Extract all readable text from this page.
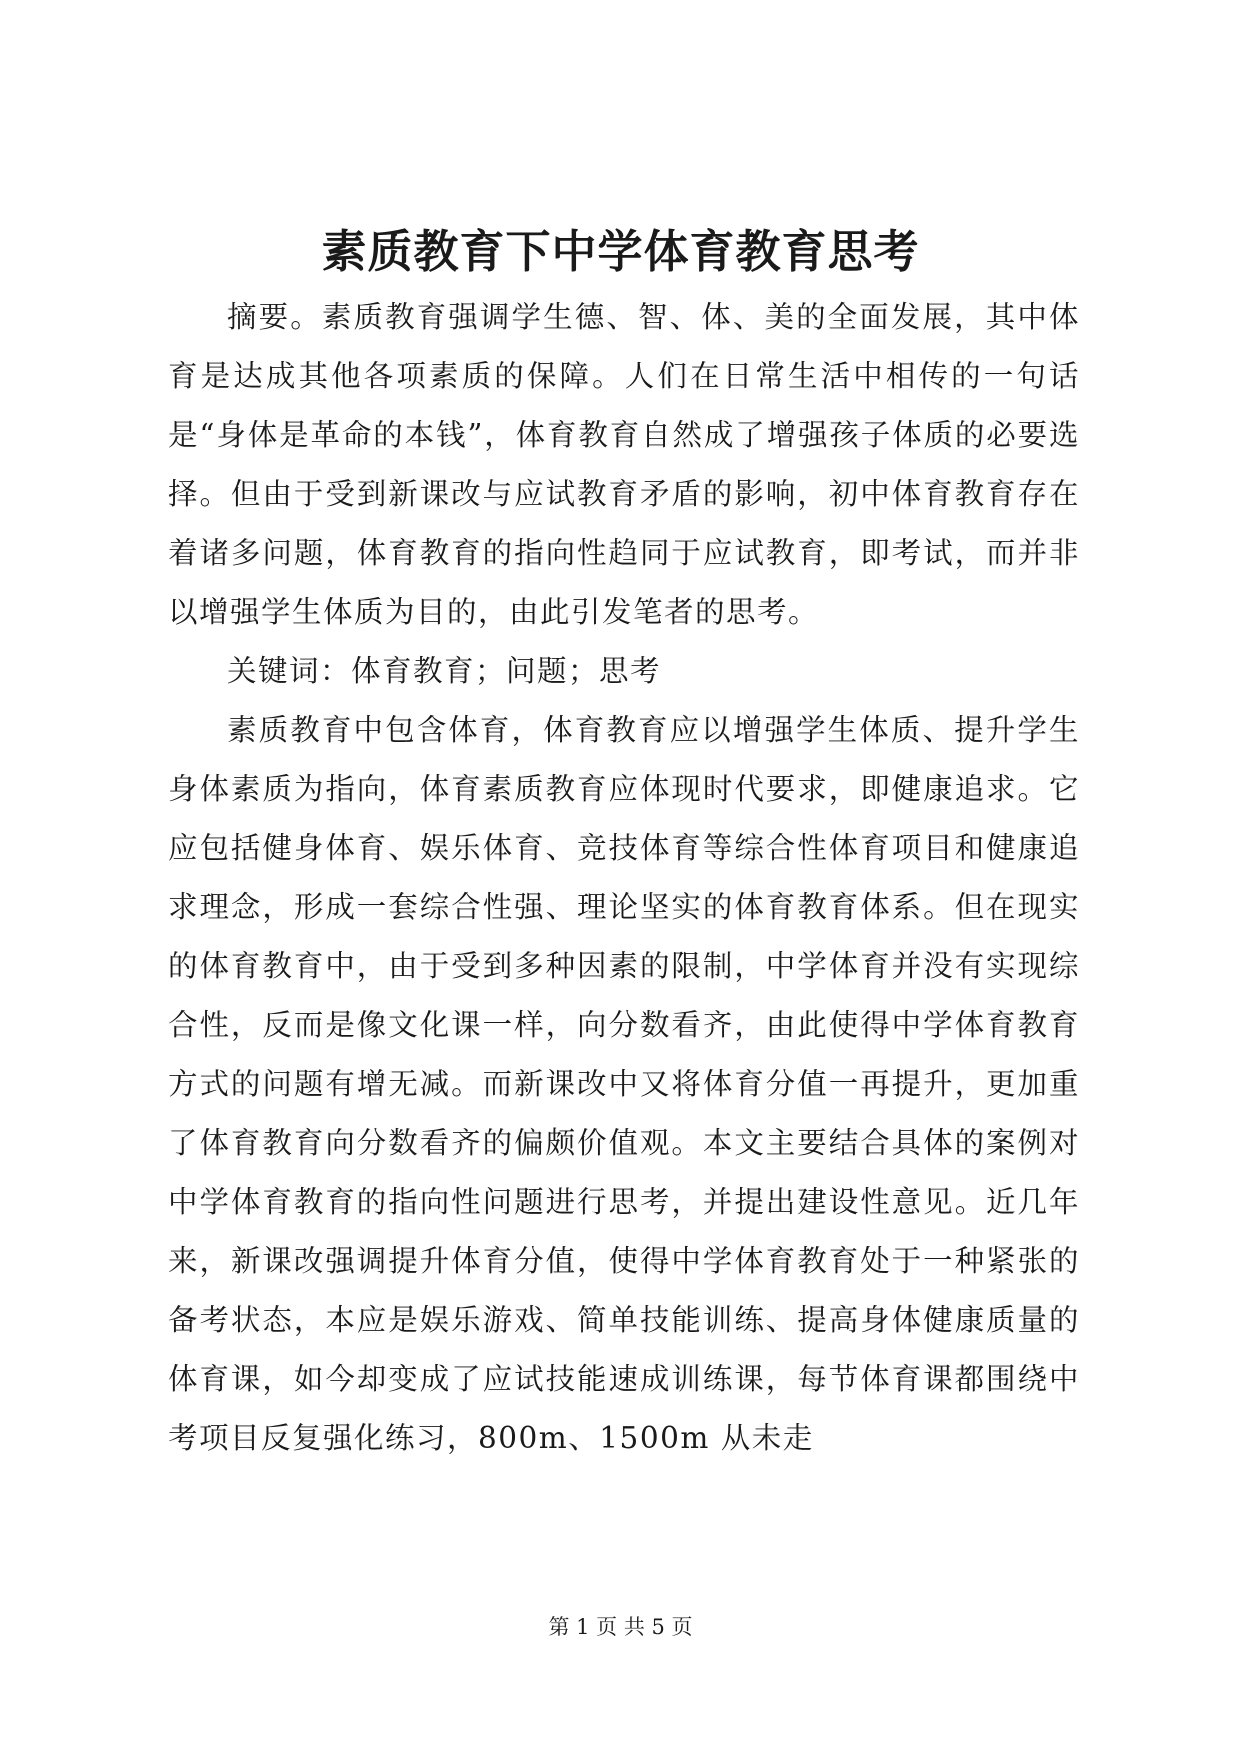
素质教育下中学体育教育思考

摘要。素质教育强调学生德、智、体、美的全面发展，其中体育是达成其他各项素质的保障。人们在日常生活中相传的一句话是“身体是革命的本钱”，体育教育自然成了增强孩子体质的必要选择。但由于受到新课改与应试教育矛盾的影响，初中体育教育存在着诸多问题，体育教育的指向性趋同于应试教育，即考试，而并非以增强学生体质为目的，由此引发笔者的思考。

关键词：体育教育；问题；思考

素质教育中包含体育，体育教育应以增强学生体质、提升学生身体素质为指向，体育素质教育应体现时代要求，即健康追求。它应包括健身体育、娱乐体育、竞技体育等综合性体育项目和健康追求理念，形成一套综合性强、理论坚实的体育教育体系。但在现实的体育教育中，由于受到多种因素的限制，中学体育并没有实现综合性，反而是像文化课一样，向分数看齐，由此使得中学体育教育方式的问题有增无减。而新课改中又将体育分值一再提升，更加重了体育教育向分数看齐的偏颇价值观。本文主要结合具体的案例对中学体育教育的指向性问题进行思考，并提出建设性意见。近几年来，新课改强调提升体育分值，使得中学体育教育处于一种紧张的备考状态，本应是娱乐游戏、简单技能训练、提高身体健康质量的体育课，如今却变成了应试技能速成训练课，每节体育课都围绕中考项目反复强化练习，800m、1500m 从未走

第 1 页 共 5 页
